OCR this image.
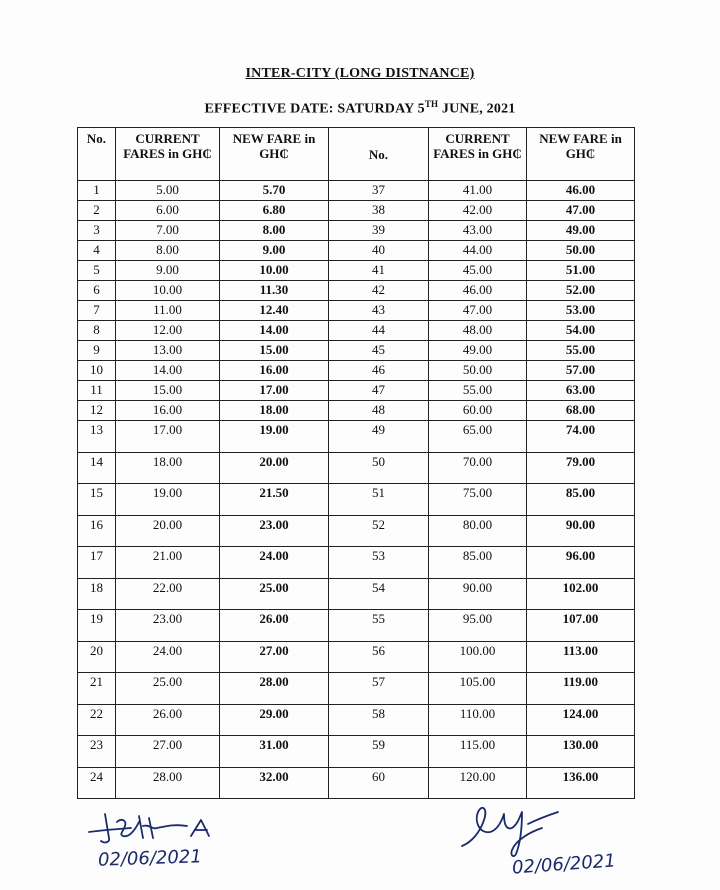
INTER-CITY (LONG DISTNANCE)
EFFECTIVE DATE: SATURDAY 5TH JUNE, 2021
No.	CURRENT FARES in GH₵	NEW FARE in GH₵	No.	CURRENT FARES in GH₵	NEW FARE in GH₵
1	5.00	5.70	37	41.00	46.00
2	6.00	6.80	38	42.00	47.00
3	7.00	8.00	39	43.00	49.00
4	8.00	9.00	40	44.00	50.00
5	9.00	10.00	41	45.00	51.00
6	10.00	11.30	42	46.00	52.00
7	11.00	12.40	43	47.00	53.00
8	12.00	14.00	44	48.00	54.00
9	13.00	15.00	45	49.00	55.00
10	14.00	16.00	46	50.00	57.00
11	15.00	17.00	47	55.00	63.00
12	16.00	18.00	48	60.00	68.00
13	17.00	19.00	49	65.00	74.00
14	18.00	20.00	50	70.00	79.00
15	19.00	21.50	51	75.00	85.00
16	20.00	23.00	52	80.00	90.00
17	21.00	24.00	53	85.00	96.00
18	22.00	25.00	54	90.00	102.00
19	23.00	26.00	55	95.00	107.00
20	24.00	27.00	56	100.00	113.00
21	25.00	28.00	57	105.00	119.00
22	26.00	29.00	58	110.00	124.00
23	27.00	31.00	59	115.00	130.00
24	28.00	32.00	60	120.00	136.00
02/06/2021	02/06/2021
